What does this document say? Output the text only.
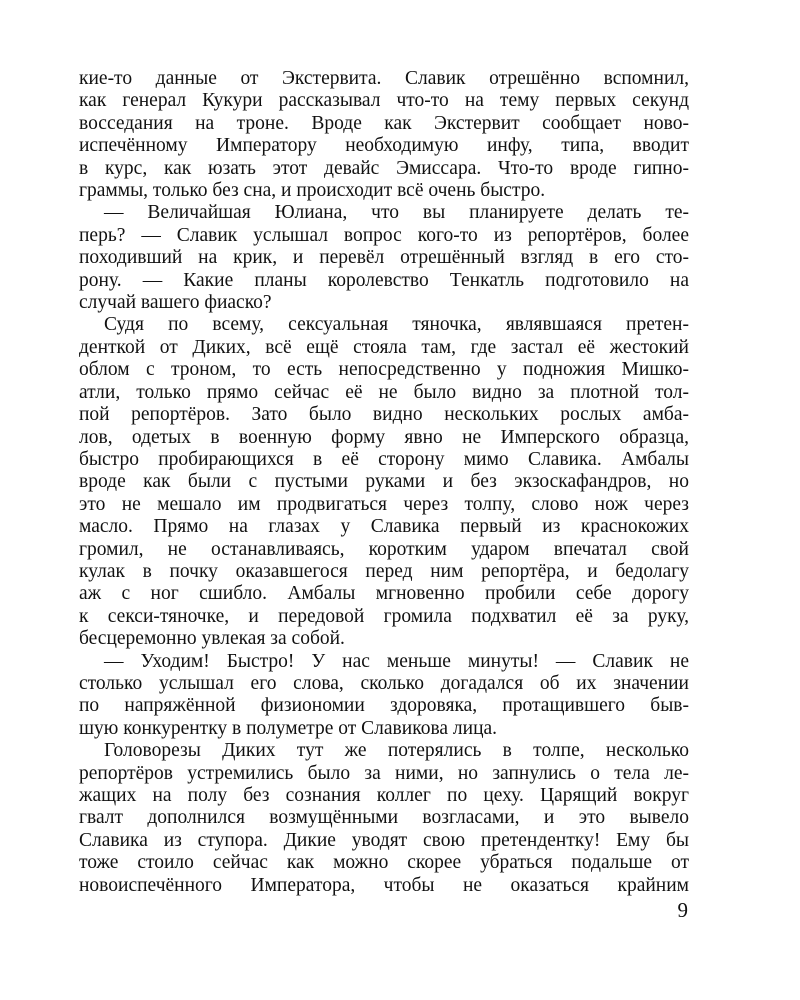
кие-то данные от Экстервита. Славик отрешённо вспомнил,
как генерал Кукури рассказывал что-то на тему первых секунд
восседания на троне. Вроде как Экстервит сообщает ново-
испечённому Императору необходимую инфу, типа, вводит
в курс, как юзать этот девайс Эмиссара. Что-то вроде гипно-
граммы, только без сна, и происходит всё очень быстро.
— Величайшая Юлиана, что вы планируете делать те-
перь? — Славик услышал вопрос кого-то из репортёров, более
походивший на крик, и перевёл отрешённый взгляд в его сто-
рону. — Какие планы королевство Тенкатль подготовило на
случай вашего фиаско?
Судя по всему, сексуальная тяночка, являвшаяся претен-
денткой от Диких, всё ещё стояла там, где застал её жестокий
облом с троном, то есть непосредственно у подножия Мишко-
атли, только прямо сейчас её не было видно за плотной тол-
пой репортёров. Зато было видно нескольких рослых амба-
лов, одетых в военную форму явно не Имперского образца,
быстро пробирающихся в её сторону мимо Славика. Амбалы
вроде как были с пустыми руками и без экзоскафандров, но
это не мешало им продвигаться через толпу, слово нож через
масло. Прямо на глазах у Славика первый из краснокожих
громил, не останавливаясь, коротким ударом впечатал свой
кулак в почку оказавшегося перед ним репортёра, и бедолагу
аж с ног сшибло. Амбалы мгновенно пробили себе дорогу
к секси-тяночке, и передовой громила подхватил её за руку,
бесцеремонно увлекая за собой.
— Уходим! Быстро! У нас меньше минуты! — Славик не
столько услышал его слова, сколько догадался об их значении
по напряжённой физиономии здоровяка, протащившего быв-
шую конкурентку в полуметре от Славикова лица.
Головорезы Диких тут же потерялись в толпе, несколько
репортёров устремились было за ними, но запнулись о тела ле-
жащих на полу без сознания коллег по цеху. Царящий вокруг
гвалт дополнился возмущёнными возгласами, и это вывело
Славика из ступора. Дикие уводят свою претендентку! Ему бы
тоже стоило сейчас как можно скорее убраться подальше от
новоиспечённого Императора, чтобы не оказаться крайним
9
